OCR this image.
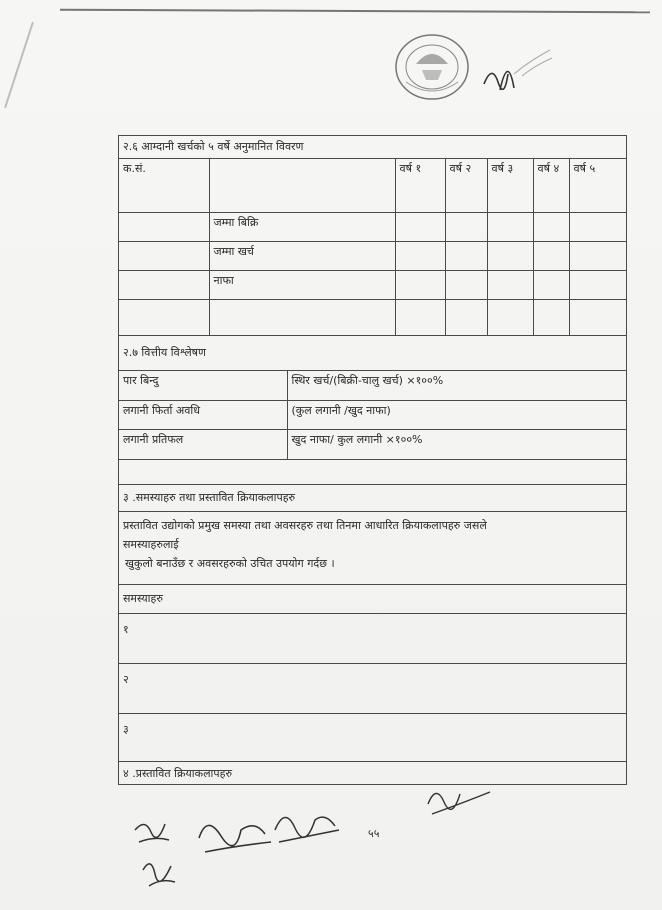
२.६ आम्दानी खर्चको ५ वर्षे अनुमानित विवरण
क.सं.		वर्ष १	वर्ष २	वर्ष ३	वर्ष ४	वर्ष ५
	जम्मा बिक्रि					
	जम्मा खर्च					
	नाफा					

२.७ वित्तीय विश्लेषण
पार बिन्दु	स्थिर खर्च/(बिक्री-चालु खर्च) ×१००%
लगानी फिर्ता अवधि	(कुल लगानी /खुद नाफा)
लगानी प्रतिफल	खुद नाफा/ कुल लगानी ×१००%
३ .समस्याहरु तथा प्रस्तावित क्रियाकलापहरु
प्रस्तावित उद्योगको प्रमुख समस्या तथा अवसरहरु तथा तिनमा आधारित क्रियाकलापहरु जसले
समस्याहरुलाई
खुकुलो बनाउँछ र अवसरहरुको उचित उपयोग गर्दछ ।
समस्याहरु
१
२
३
४ .प्रस्तावित क्रियाकलापहरु
५५
